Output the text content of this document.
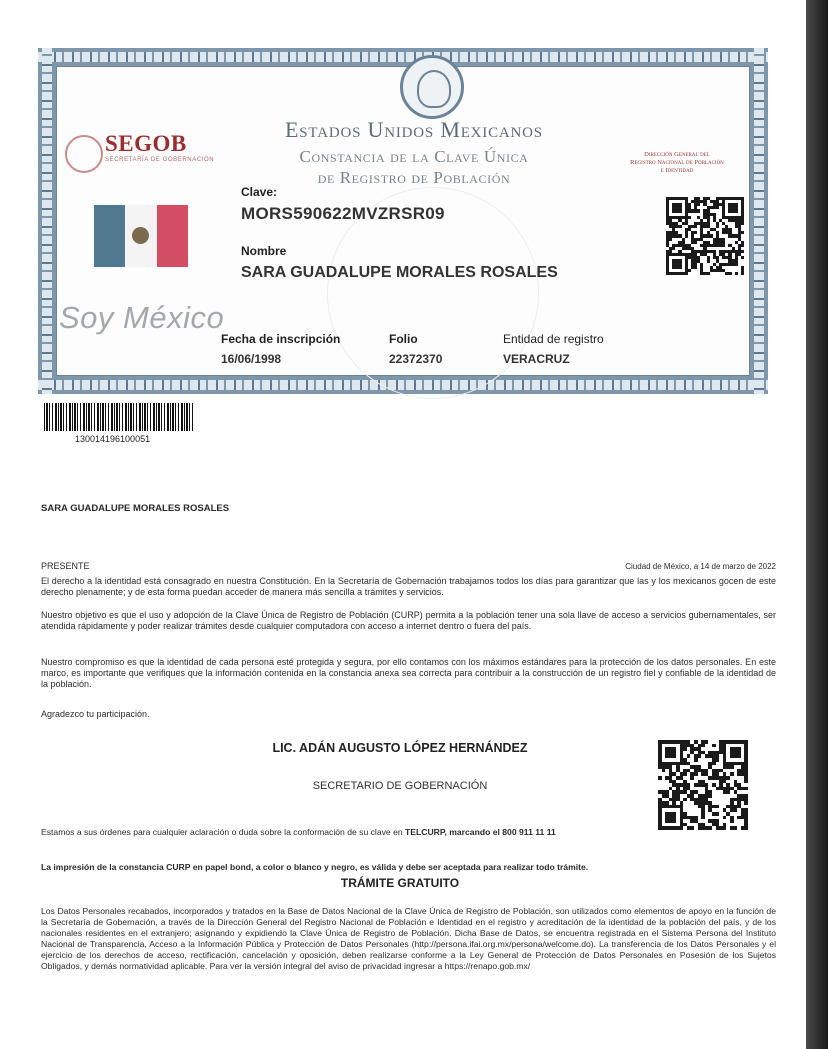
SEGOB
SECRETARÍA DE GOBERNACIÓN
Estados Unidos Mexicanos
Constancia de la Clave Única
de Registro de Población
Dirección General del
Registro Nacional de Población
e Identidad
Clave:
MORS590622MVZRSR09
Nombre
SARA GUADALUPE MORALES ROSALES
Soy México
Fecha de inscripción
16/06/1998
Folio
22372370
Entidad de registro
VERACRUZ
130014196100051
SARA GUADALUPE MORALES ROSALES
PRESENTE	Ciudad de México, a 14 de marzo de 2022
El derecho a la identidad está consagrado en nuestra Constitución. En la Secretaría de Gobernación trabajamos todos los días para garantizar que las y los mexicanos gocen de este derecho plenamente; y de esta forma puedan acceder de manera más sencilla a trámites y servicios.
Nuestro objetivo es que el uso y adopción de la Clave Única de Registro de Población (CURP) permita a la población tener una sola llave de acceso a servicios gubernamentales, ser atendida rápidamente y poder realizar trámites desde cualquier computadora con acceso a internet dentro o fuera del país.
Nuestro compromiso es que la identidad de cada persona esté protegida y segura, por ello contamos con los máximos estándares para la protección de los datos personales. En este marco, es importante que verifiques que la información contenida en la constancia anexa sea correcta para contribuir a la construcción de un registro fiel y confiable de la identidad de la población.
Agradezco tu participación.
LIC. ADÁN AUGUSTO LÓPEZ HERNÁNDEZ
SECRETARIO DE GOBERNACIÓN
Estamos a sus órdenes para cualquier aclaración o duda sobre la conformación de su clave en TELCURP, marcando el 800 911 11 11
La impresión de la constancia CURP en papel bond, a color o blanco y negro, es válida y debe ser aceptada para realizar todo trámite.
TRÁMITE GRATUITO
Los Datos Personales recabados, incorporados y tratados en la Base de Datos Nacional de la Clave Única de Registro de Población, son utilizados como elementos de apoyo en la función de la Secretaría de Gobernación, a través de la Dirección General del Registro Nacional de Población e Identidad en el registro y acreditación de la identidad de la población del país, y de los nacionales residentes en el extranjero; asignando y expidiendo la Clave Única de Registro de Población. Dicha Base de Datos, se encuentra registrada en el Sistema Persona del Instituto Nacional de Transparencia, Acceso a la Información Pública y Protección de Datos Personales (http://persona.ifai.org.mx/persona/welcome.do). La transferencia de los Datos Personales y el ejercicio de los derechos de acceso, rectificación, cancelación y oposición, deben realizarse conforme a la Ley General de Protección de Datos Personales en Posesión de los Sujetos Obligados, y demás normatividad aplicable. Para ver la versión integral del aviso de privacidad ingresar a https://renapo.gob.mx/
